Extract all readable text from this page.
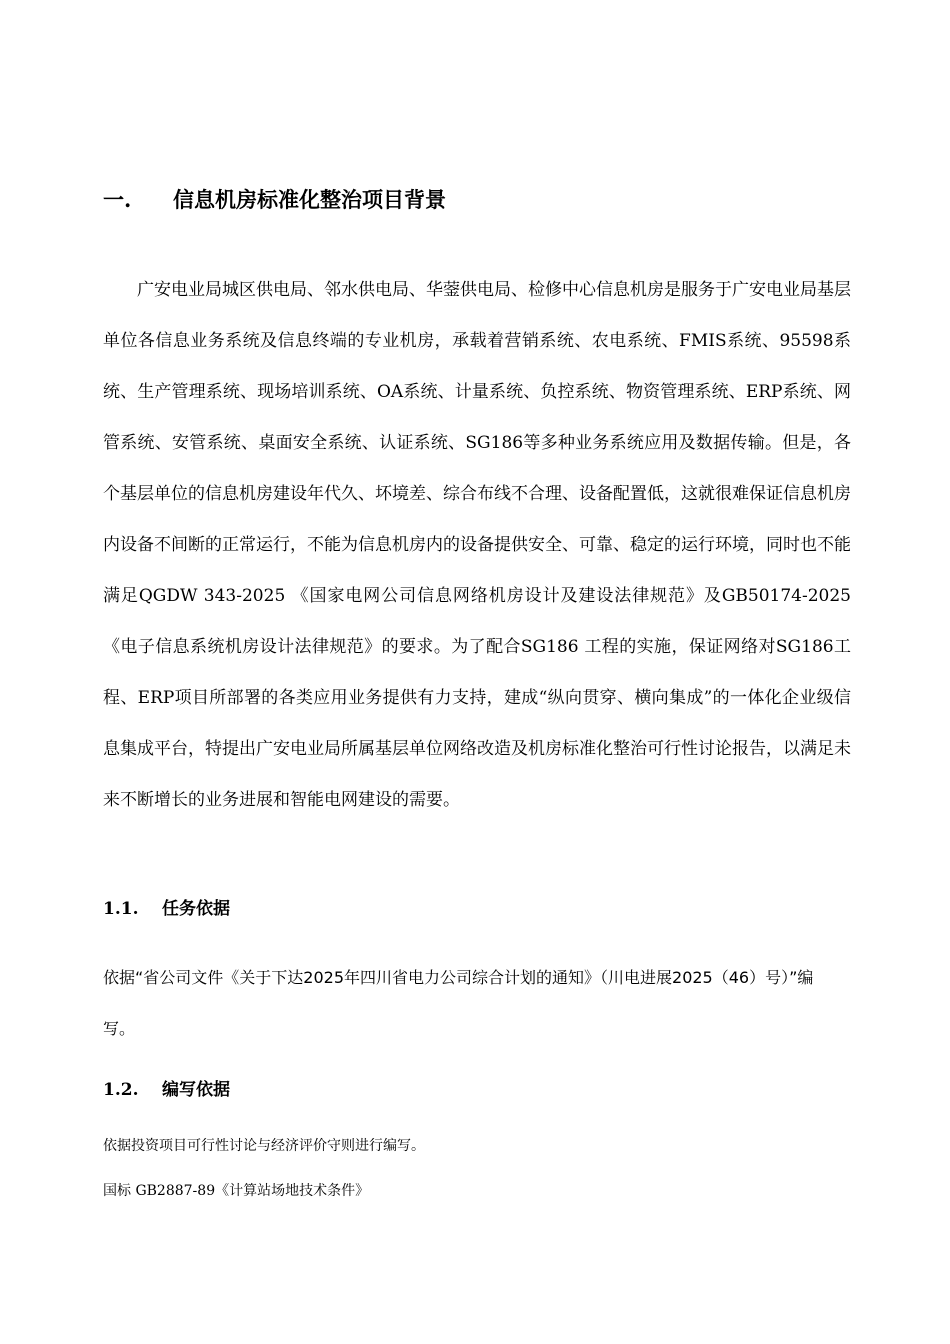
一. 信息机房标准化整治项目背景

广安电业局城区供电局、邻水供电局、华蓥供电局、检修中心信息机房是服务于广安电业局基层单位各信息业务系统及信息终端的专业机房，承载着营销系统、农电系统、FMIS系统、95598系统、生产管理系统、现场培训系统、OA系统、计量系统、负控系统、物资管理系统、ERP系统、网管系统、安管系统、桌面安全系统、认证系统、SG186等多种业务系统应用及数据传输。但是，各个基层单位的信息机房建设年代久、坏境差、综合布线不合理、设备配置低，这就很难保证信息机房内设备不间断的正常运行，不能为信息机房内的设备提供安全、可靠、稳定的运行环境，同时也不能满足QGDW 343-2025 《国家电网公司信息网络机房设计及建设法律规范》及GB50174-2025《电子信息系统机房设计法律规范》的要求。为了配合SG186 工程的实施，保证网络对SG186工程、ERP项目所部署的各类应用业务提供有力支持，建成“纵向贯穿、横向集成”的一体化企业级信息集成平台，特提出广安电业局所属基层单位网络改造及机房标准化整治可行性讨论报告，以满足未来不断增长的业务进展和智能电网建设的需要。

1.1. 任务依据

依据“省公司文件《关于下达2025年四川省电力公司综合计划的通知》（川电进展2025（46）号）”编写。

1.2. 编写依据

依据投资项目可行性讨论与经济评价守则进行编写。

国标 GB2887-89《计算站场地技术条件》
